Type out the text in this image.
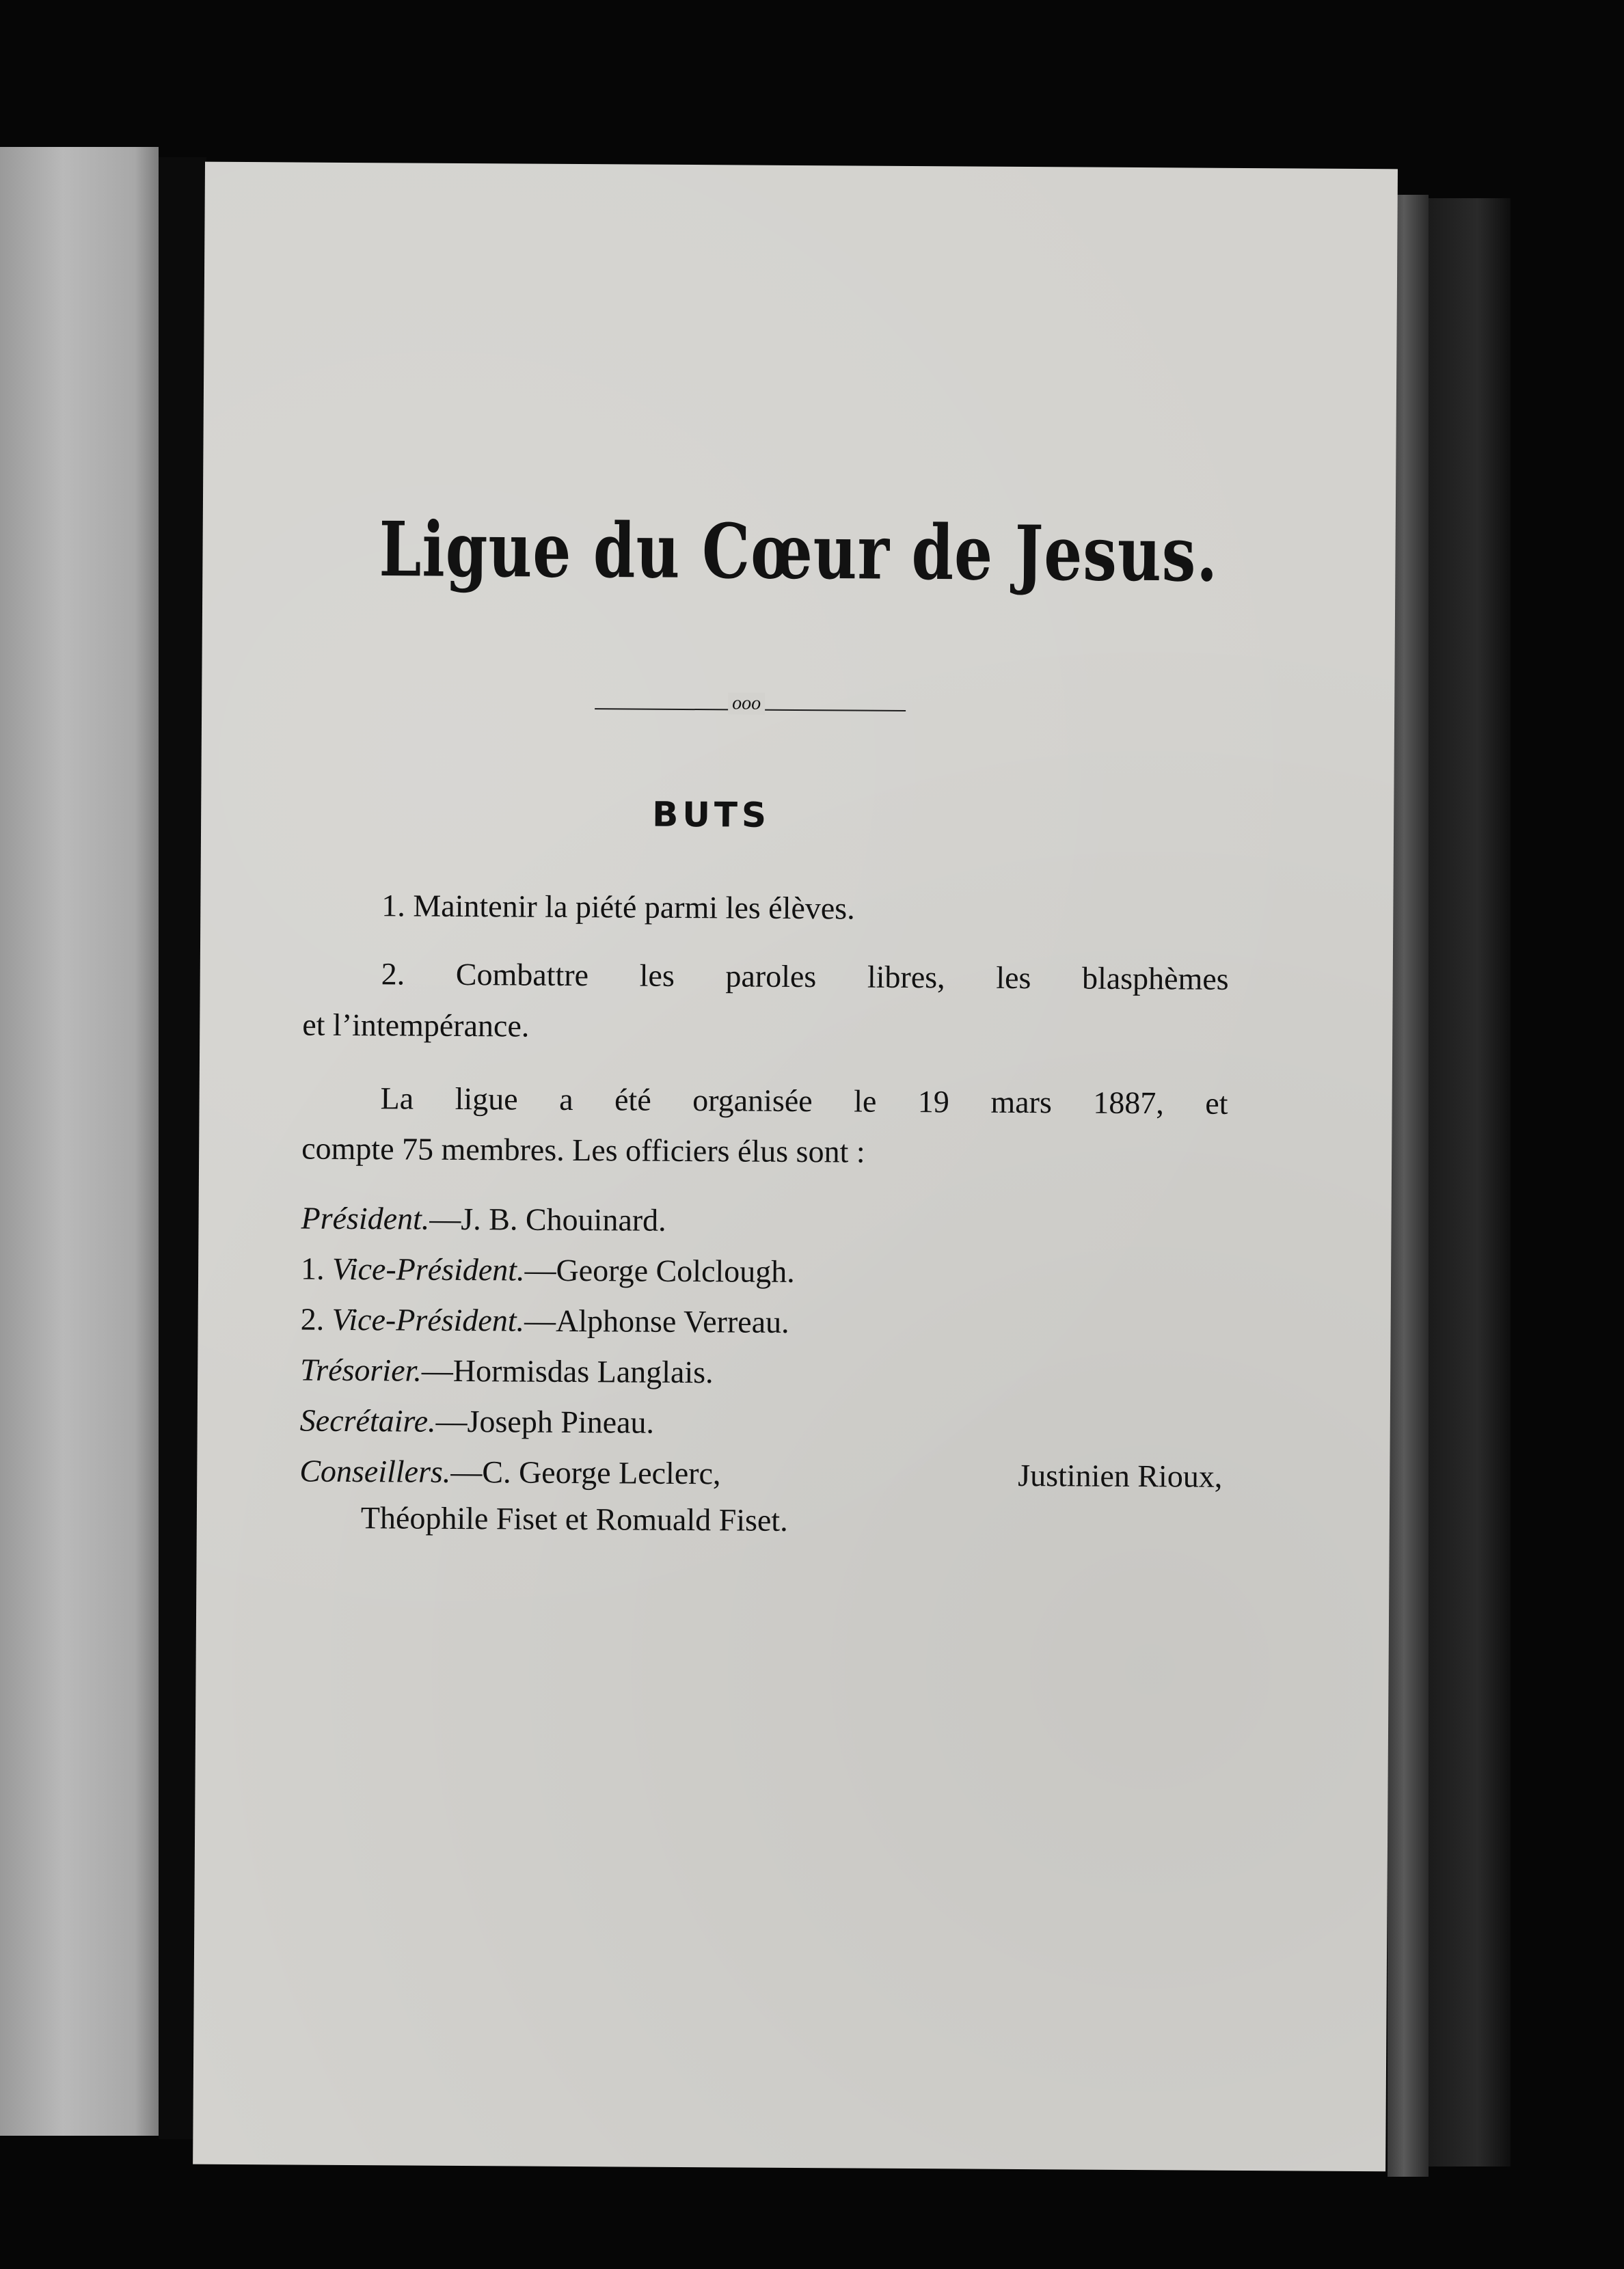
Ligue du Cœur de Jesus.
ooo
BUTS

1. Maintenir la piété parmi les élèves.

2. Combattre les paroles libres, les blasphèmes

et l’intempérance.

La ligue a été organisée le 19 mars 1887, et

compte 75 membres. Les officiers élus sont :

Président.—J. B. Chouinard.

1. Vice-Président.—George Colclough.

2. Vice-Président.—Alphonse Verreau.

Trésorier.—Hormisdas Langlais.

Secrétaire.—Joseph Pineau.

Conseillers.—C. George Leclerc,	Justinien Rioux,

Théophile Fiset et Romuald Fiset.
